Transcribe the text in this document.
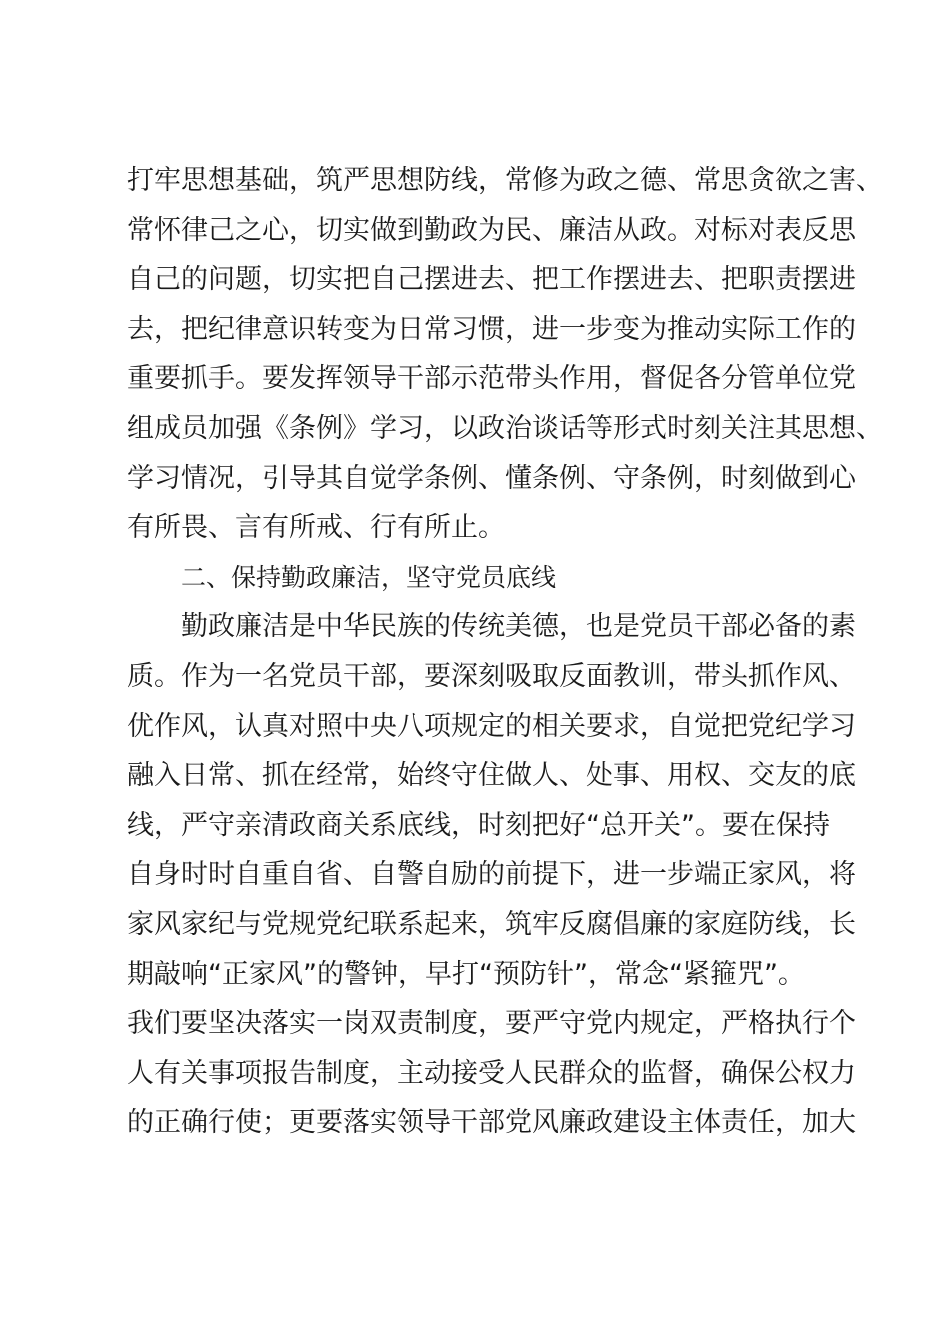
打牢思想基础，筑严思想防线，常修为政之德、常思贪欲之害、
常怀律己之心，切实做到勤政为民、廉洁从政。对标对表反思
自己的问题，切实把自己摆进去、把工作摆进去、把职责摆进
去，把纪律意识转变为日常习惯，进一步变为推动实际工作的
重要抓手。要发挥领导干部示范带头作用，督促各分管单位党
组成员加强《条例》学习，以政治谈话等形式时刻关注其思想、
学习情况，引导其自觉学条例、懂条例、守条例，时刻做到心
有所畏、言有所戒、行有所止。
二、保持勤政廉洁，坚守党员底线
勤政廉洁是中华民族的传统美德，也是党员干部必备的素
质。作为一名党员干部，要深刻吸取反面教训，带头抓作风、
优作风，认真对照中央八项规定的相关要求，自觉把党纪学习
融入日常、抓在经常，始终守住做人、处事、用权、交友的底
线，严守亲清政商关系底线，时刻把好“总开关”。要在保持
自身时时自重自省、自警自励的前提下，进一步端正家风，将
家风家纪与党规党纪联系起来，筑牢反腐倡廉的家庭防线，长
期敲响“正家风”的警钟，早打“预防针”，常念“紧箍咒”。
我们要坚决落实一岗双责制度，要严守党内规定，严格执行个
人有关事项报告制度，主动接受人民群众的监督，确保公权力
的正确行使；更要落实领导干部党风廉政建设主体责任，加大
